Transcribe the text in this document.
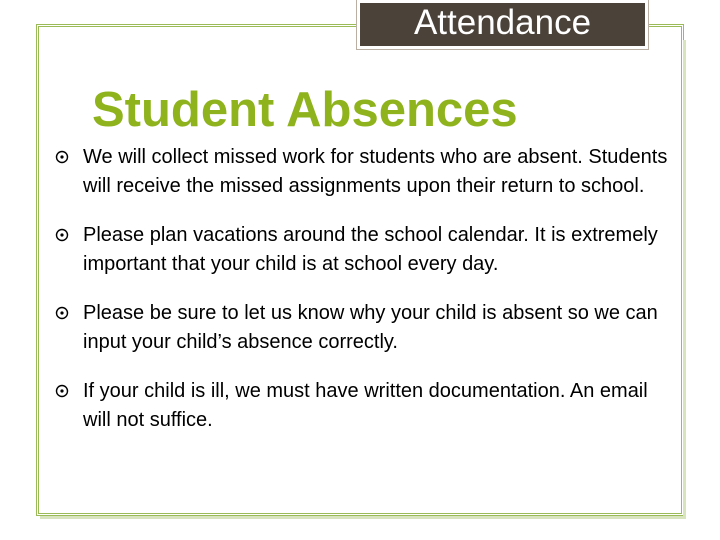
Attendance
Student Absences
We will collect missed work for students who are absent. Students will receive the missed assignments upon their return to school.
Please plan vacations around the school calendar. It is extremely important that your child is at school every day.
Please be sure to let us know why your child is absent so we can input your child’s absence correctly.
If your child is ill, we must have written documentation. An email will not suffice.
